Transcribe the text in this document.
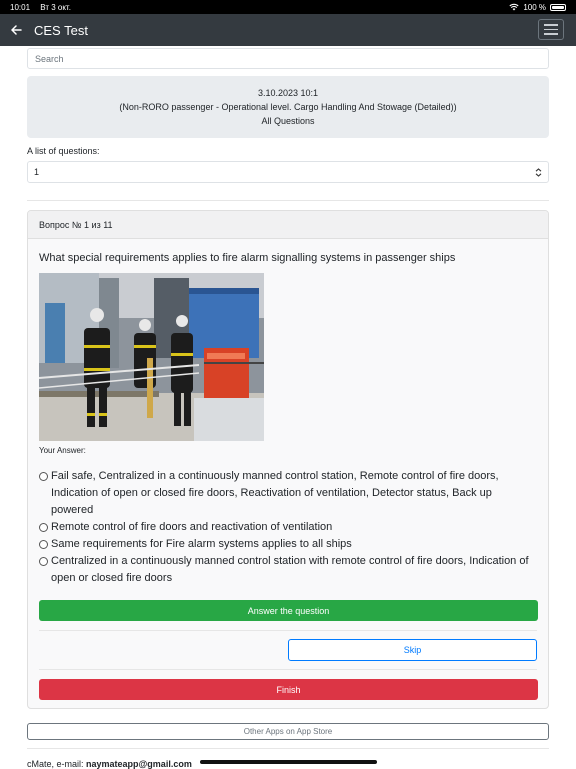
10:01 Вт 3 окт.	100 %
CES Test
Search
3.10.2023 10:1
(Non-RORO passenger - Operational level. Cargo Handling And Stowage (Detailed))
All Questions
A list of questions:
1
Вопрос № 1 из 11
What special requirements applies to fire alarm signalling systems in passenger ships
Your Answer:
Fail safe, Centralized in a continuously manned control station, Remote control of fire doors, Indication of open or closed fire doors, Reactivation of ventilation, Detector status, Back up powered
Remote control of fire doors and reactivation of ventilation
Same requirements for Fire alarm systems applies to all ships
Centralized in a continuously manned control station with remote control of fire doors, Indication of open or closed fire doors
Answer the question
Skip
Finish
Other Apps on App Store
cMate, e-mail: naymateapp@gmail.com
